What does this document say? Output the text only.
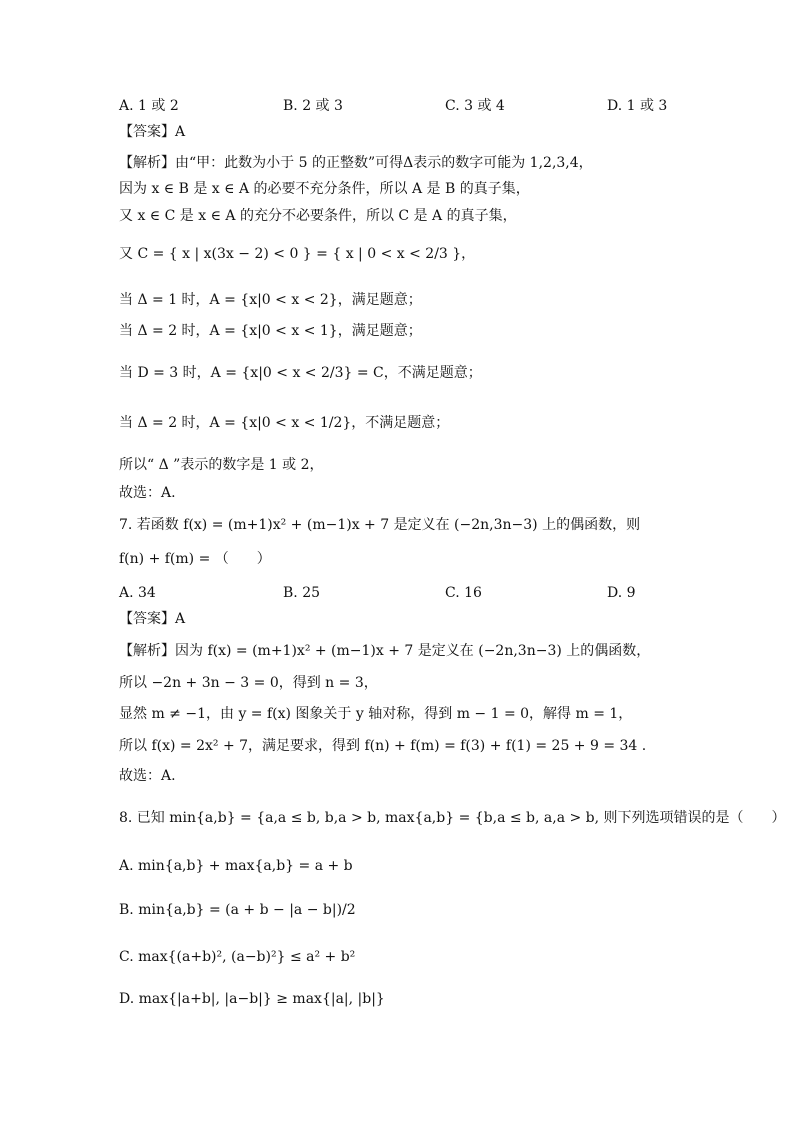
A. 1 或 2	B. 2 或 3	C. 3 或 4	D. 1 或 3
【答案】A
【解析】由“甲：此数为小于 5 的正整数”可得Δ表示的数字可能为 1,2,3,4，
因为 x ∈ B 是 x ∈ A 的必要不充分条件，所以 A 是 B 的真子集，
又 x ∈ C 是 x ∈ A 的充分不必要条件，所以 C 是 A 的真子集，
又 C = { x | x(3x − 2) < 0 } = { x | 0 < x < 2/3 }，
当 Δ = 1 时，A = {x|0 < x < 2}，满足题意；
当 Δ = 2 时，A = {x|0 < x < 1}，满足题意；
当 D = 3 时，A = {x|0 < x < 2/3} = C，不满足题意；
当 Δ = 2 时，A = {x|0 < x < 1/2}，不满足题意；
所以“ Δ ”表示的数字是 1 或 2，
故选：A.
7. 若函数 f(x) = (m+1)x² + (m−1)x + 7 是定义在 (−2n,3n−3) 上的偶函数，则
f(n) + f(m) = （　　）
A. 34	B. 25	C. 16	D. 9
【答案】A
【解析】因为 f(x) = (m+1)x² + (m−1)x + 7 是定义在 (−2n,3n−3) 上的偶函数，
所以 −2n + 3n − 3 = 0，得到 n = 3，
显然 m ≠ −1，由 y = f(x) 图象关于 y 轴对称，得到 m − 1 = 0，解得 m = 1，
所以 f(x) = 2x² + 7，满足要求，得到 f(n) + f(m) = f(3) + f(1) = 25 + 9 = 34 .
故选：A.
8. 已知 min{a,b} = {a,a ≤ b, b,a > b, max{a,b} = {b,a ≤ b, a,a > b, 则下列选项错误的是（　　）
A. min{a,b} + max{a,b} = a + b
B. min{a,b} = (a + b − |a − b|)/2
C. max{(a+b)², (a−b)²} ≤ a² + b²
D. max{|a+b|, |a−b|} ≥ max{|a|, |b|}
